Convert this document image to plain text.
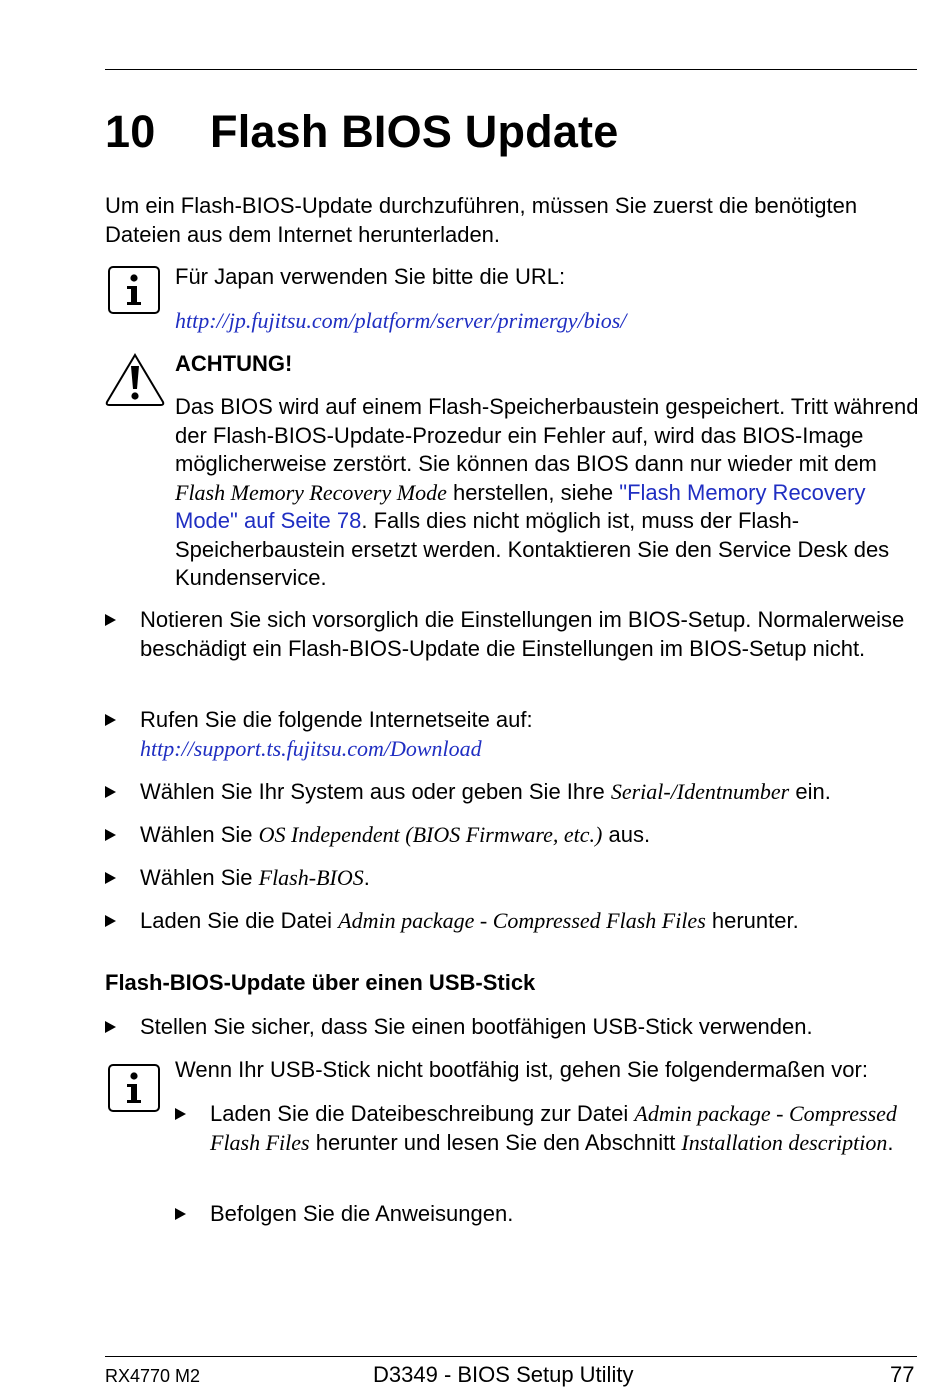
10 Flash BIOS Update

Um ein Flash-BIOS-Update durchzuführen, müssen Sie zuerst die benötigten Dateien aus dem Internet herunterladen.

Für Japan verwenden Sie bitte die URL:

http://jp.fujitsu.com/platform/server/primergy/bios/

ACHTUNG!

Das BIOS wird auf einem Flash-Speicherbaustein gespeichert. Tritt während der Flash-BIOS-Update-Prozedur ein Fehler auf, wird das BIOS-Image möglicherweise zerstört. Sie können das BIOS dann nur wieder mit dem Flash Memory Recovery Mode herstellen, siehe "Flash Memory Recovery Mode" auf Seite 78. Falls dies nicht möglich ist, muss der Flash-Speicherbaustein ersetzt werden. Kontaktieren Sie den Service Desk des Kundenservice.

Notieren Sie sich vorsorglich die Einstellungen im BIOS-Setup. Normalerweise beschädigt ein Flash-BIOS-Update die Einstellungen im BIOS-Setup nicht.
Rufen Sie die folgende Internetseite auf:
http://support.ts.fujitsu.com/Download
Wählen Sie Ihr System aus oder geben Sie Ihre Serial-/Identnumber ein.
Wählen Sie OS Independent (BIOS Firmware, etc.) aus.
Wählen Sie Flash-BIOS.
Laden Sie die Datei Admin package - Compressed Flash Files herunter.
Flash-BIOS-Update über einen USB-Stick
Stellen Sie sicher, dass Sie einen bootfähigen USB-Stick verwenden.

Wenn Ihr USB-Stick nicht bootfähig ist, gehen Sie folgendermaßen vor:

Laden Sie die Dateibeschreibung zur Datei Admin package - Compressed Flash Files herunter und lesen Sie den Abschnitt Installation description.
Befolgen Sie die Anweisungen.
RX4770 M2	D3349 - BIOS Setup Utility	77
